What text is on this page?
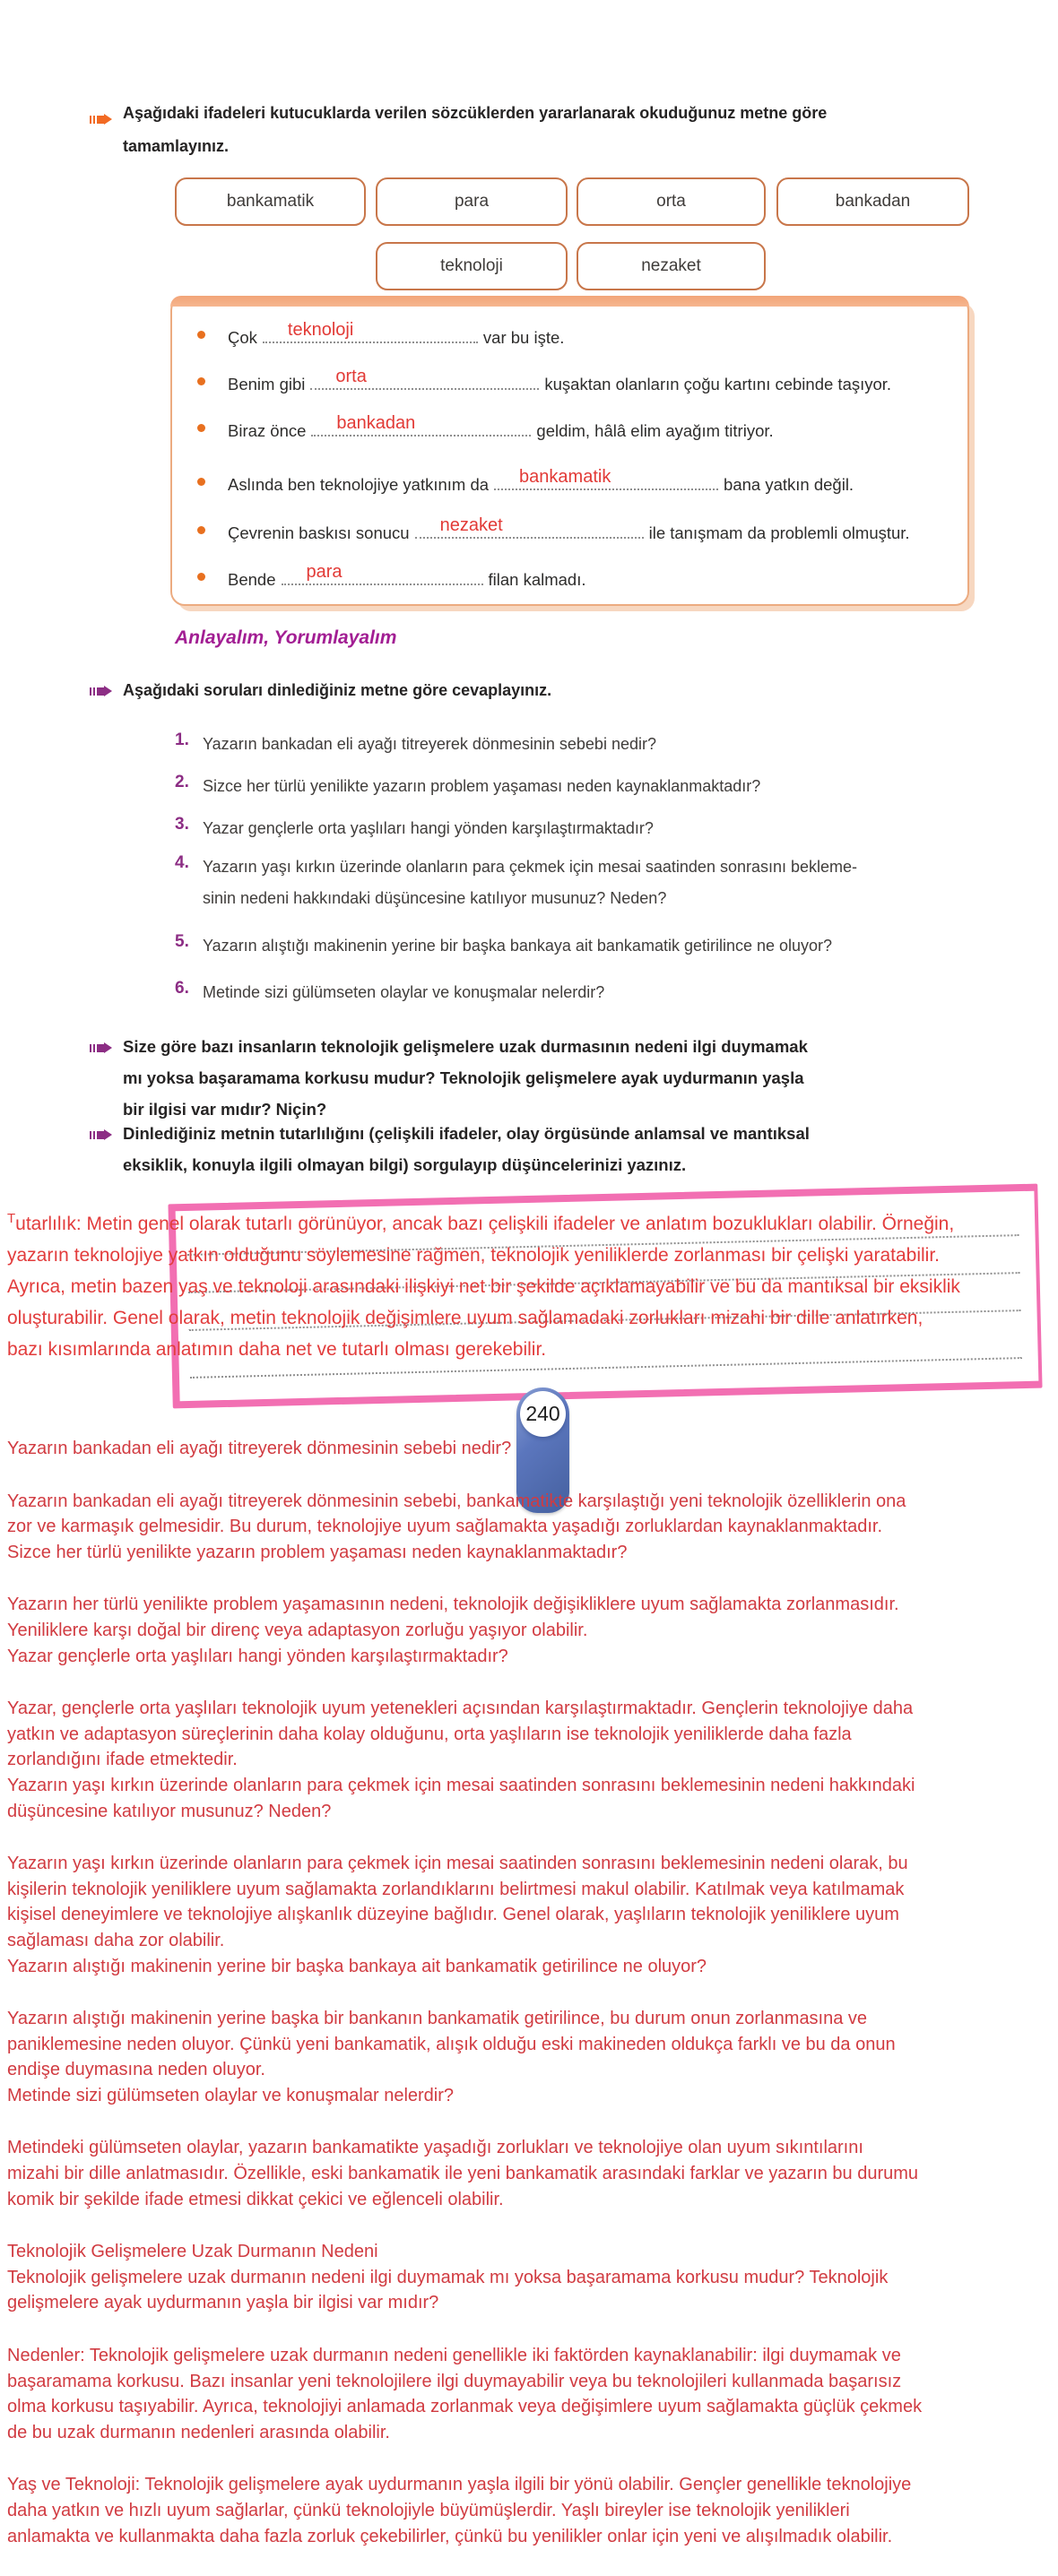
Aşağıdaki ifadeleri kutucuklarda verilen sözcüklerden yararlanarak okuduğunuz metne göre
tamamlayınız.
bankamatik	para	orta	bankadan
teknoloji	nezaket
Çok teknoloji	var bu işte.
Benim gibi orta	kuşaktan olanların çoğu kartını cebinde taşıyor.
Biraz önce bankadan	geldim, hâlâ elim ayağım titriyor.
Aslında ben teknolojiye yatkınım da bankamatik	bana yatkın değil.
Çevrenin baskısı sonucu nezaket	ile tanışmam da problemli olmuştur.
Bende para	filan kalmadı.
Anlayalım, Yorumlayalım
Aşağıdaki soruları dinlediğiniz metne göre cevaplayınız.
1. Yazarın bankadan eli ayağı titreyerek dönmesinin sebebi nedir?
2. Sizce her türlü yenilikte yazarın problem yaşaması neden kaynaklanmaktadır?
3. Yazar gençlerle orta yaşlıları hangi yönden karşılaştırmaktadır?
4. Yazarın yaşı kırkın üzerinde olanların para çekmek için mesai saatinden sonrasını bekleme-
sinin nedeni hakkındaki düşüncesine katılıyor musunuz? Neden?
5. Yazarın alıştığı makinenin yerine bir başka bankaya ait bankamatik getirilince ne oluyor?
6. Metinde sizi gülümseten olaylar ve konuşmalar nelerdir?
Size göre bazı insanların teknolojik gelişmelere uzak durmasının nedeni ilgi duymamak
mı yoksa başaramama korkusu mudur? Teknolojik gelişmelere ayak uydurmanın yaşla
bir ilgisi var mıdır? Niçin?
Dinlediğiniz metnin tutarlılığını (çelişkili ifadeler, olay örgüsünde anlamsal ve mantıksal
eksiklik, konuyla ilgili olmayan bilgi) sorgulayıp düşüncelerinizi yazınız.
$^T$utarlılık: Metin genel olarak tutarlı görünüyor, ancak bazı çelişkili ifadeler ve anlatım bozuklukları olabilir. Örneğin,
yazarın teknolojiye yatkın olduğunu söylemesine rağmen, teknolojik yeniliklerde zorlanması bir çelişki yaratabilir.
Ayrıca, metin bazen yaş ve teknoloji arasındaki ilişkiyi net bir şekilde açıklamayabilir ve bu da mantıksal bir eksiklik
oluşturabilir. Genel olarak, metin teknolojik değişimlere uyum sağlamadaki zorlukları mizahi bir dille anlatırken,
bazı kısımlarında anlatımın daha net ve tutarlı olması gerekebilir.
240
Yazarın bankadan eli ayağı titreyerek dönmesinin sebebi nedir?
Yazarın bankadan eli ayağı titreyerek dönmesinin sebebi, bankamatikte karşılaştığı yeni teknolojik özelliklerin ona
zor ve karmaşık gelmesidir. Bu durum, teknolojiye uyum sağlamakta yaşadığı zorluklardan kaynaklanmaktadır.
Sizce her türlü yenilikte yazarın problem yaşaması neden kaynaklanmaktadır?
Yazarın her türlü yenilikte problem yaşamasının nedeni, teknolojik değişikliklere uyum sağlamakta zorlanmasıdır.
Yeniliklere karşı doğal bir direnç veya adaptasyon zorluğu yaşıyor olabilir.
Yazar gençlerle orta yaşlıları hangi yönden karşılaştırmaktadır?
Yazar, gençlerle orta yaşlıları teknolojik uyum yetenekleri açısından karşılaştırmaktadır. Gençlerin teknolojiye daha
yatkın ve adaptasyon süreçlerinin daha kolay olduğunu, orta yaşlıların ise teknolojik yeniliklerde daha fazla
zorlandığını ifade etmektedir.
Yazarın yaşı kırkın üzerinde olanların para çekmek için mesai saatinden sonrasını beklemesinin nedeni hakkındaki
düşüncesine katılıyor musunuz? Neden?
Yazarın yaşı kırkın üzerinde olanların para çekmek için mesai saatinden sonrasını beklemesinin nedeni olarak, bu
kişilerin teknolojik yeniliklere uyum sağlamakta zorlandıklarını belirtmesi makul olabilir. Katılmak veya katılmamak
kişisel deneyimlere ve teknolojiye alışkanlık düzeyine bağlıdır. Genel olarak, yaşlıların teknolojik yeniliklere uyum
sağlaması daha zor olabilir.
Yazarın alıştığı makinenin yerine bir başka bankaya ait bankamatik getirilince ne oluyor?
Yazarın alıştığı makinenin yerine başka bir bankanın bankamatik getirilince, bu durum onun zorlanmasına ve
paniklemesine neden oluyor. Çünkü yeni bankamatik, alışık olduğu eski makineden oldukça farklı ve bu da onun
endişe duymasına neden oluyor.
Metinde sizi gülümseten olaylar ve konuşmalar nelerdir?
Metindeki gülümseten olaylar, yazarın bankamatikte yaşadığı zorlukları ve teknolojiye olan uyum sıkıntılarını
mizahi bir dille anlatmasıdır. Özellikle, eski bankamatik ile yeni bankamatik arasındaki farklar ve yazarın bu durumu
komik bir şekilde ifade etmesi dikkat çekici ve eğlenceli olabilir.
Teknolojik Gelişmelere Uzak Durmanın Nedeni
Teknolojik gelişmelere uzak durmanın nedeni ilgi duymamak mı yoksa başaramama korkusu mudur? Teknolojik
gelişmelere ayak uydurmanın yaşla bir ilgisi var mıdır?
Nedenler: Teknolojik gelişmelere uzak durmanın nedeni genellikle iki faktörden kaynaklanabilir: ilgi duymamak ve
başaramama korkusu. Bazı insanlar yeni teknolojilere ilgi duymayabilir veya bu teknolojileri kullanmada başarısız
olma korkusu taşıyabilir. Ayrıca, teknolojiyi anlamada zorlanmak veya değişimlere uyum sağlamakta güçlük çekmek
de bu uzak durmanın nedenleri arasında olabilir.
Yaş ve Teknoloji: Teknolojik gelişmelere ayak uydurmanın yaşla ilgili bir yönü olabilir. Gençler genellikle teknolojiye
daha yatkın ve hızlı uyum sağlarlar, çünkü teknolojiyle büyümüşlerdir. Yaşlı bireyler ise teknolojik yenilikleri
anlamakta ve kullanmakta daha fazla zorluk çekebilirler, çünkü bu yenilikler onlar için yeni ve alışılmadık olabilir.
